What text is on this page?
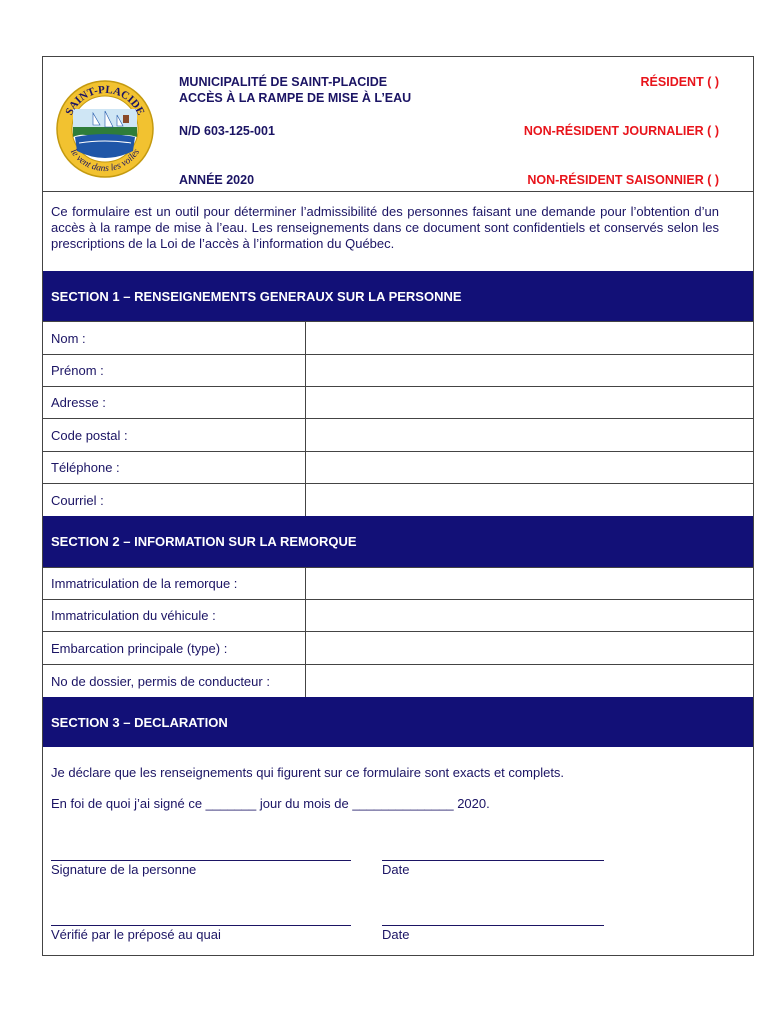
SAINT-PLACIDE
le vent dans les voiles
MUNICIPALITÉ DE SAINT-PLACIDE
ACCÈS À LA RAMPE DE MISE À L’EAU
N/D 603-125-001
ANNÉE 2020
RÉSIDENT ( )
NON-RÉSIDENT JOURNALIER ( )
NON-RÉSIDENT SAISONNIER ( )
Ce formulaire est un outil pour déterminer l’admissibilité des personnes faisant une demande pour l’obtention d’un accès à la rampe de mise à l’eau. Les renseignements dans ce document sont confidentiels et conservés selon les prescriptions de la Loi de l’accès à l’information du Québec.
SECTION 1 – RENSEIGNEMENTS GENERAUX SUR LA PERSONNE
Nom :
Prénom :
Adresse :
Code postal :
Téléphone :
Courriel :
SECTION 2 – INFORMATION SUR LA REMORQUE
Immatriculation de la remorque :
Immatriculation du véhicule :
Embarcation principale (type) :
No de dossier, permis de conducteur :
SECTION 3 – DECLARATION
Je déclare que les renseignements qui figurent sur ce formulaire sont exacts et complets.
En foi de quoi j’ai signé ce _______ jour du mois de ______________ 2020.
Signature de la personne	Date
Vérifié par le préposé au quai	Date
